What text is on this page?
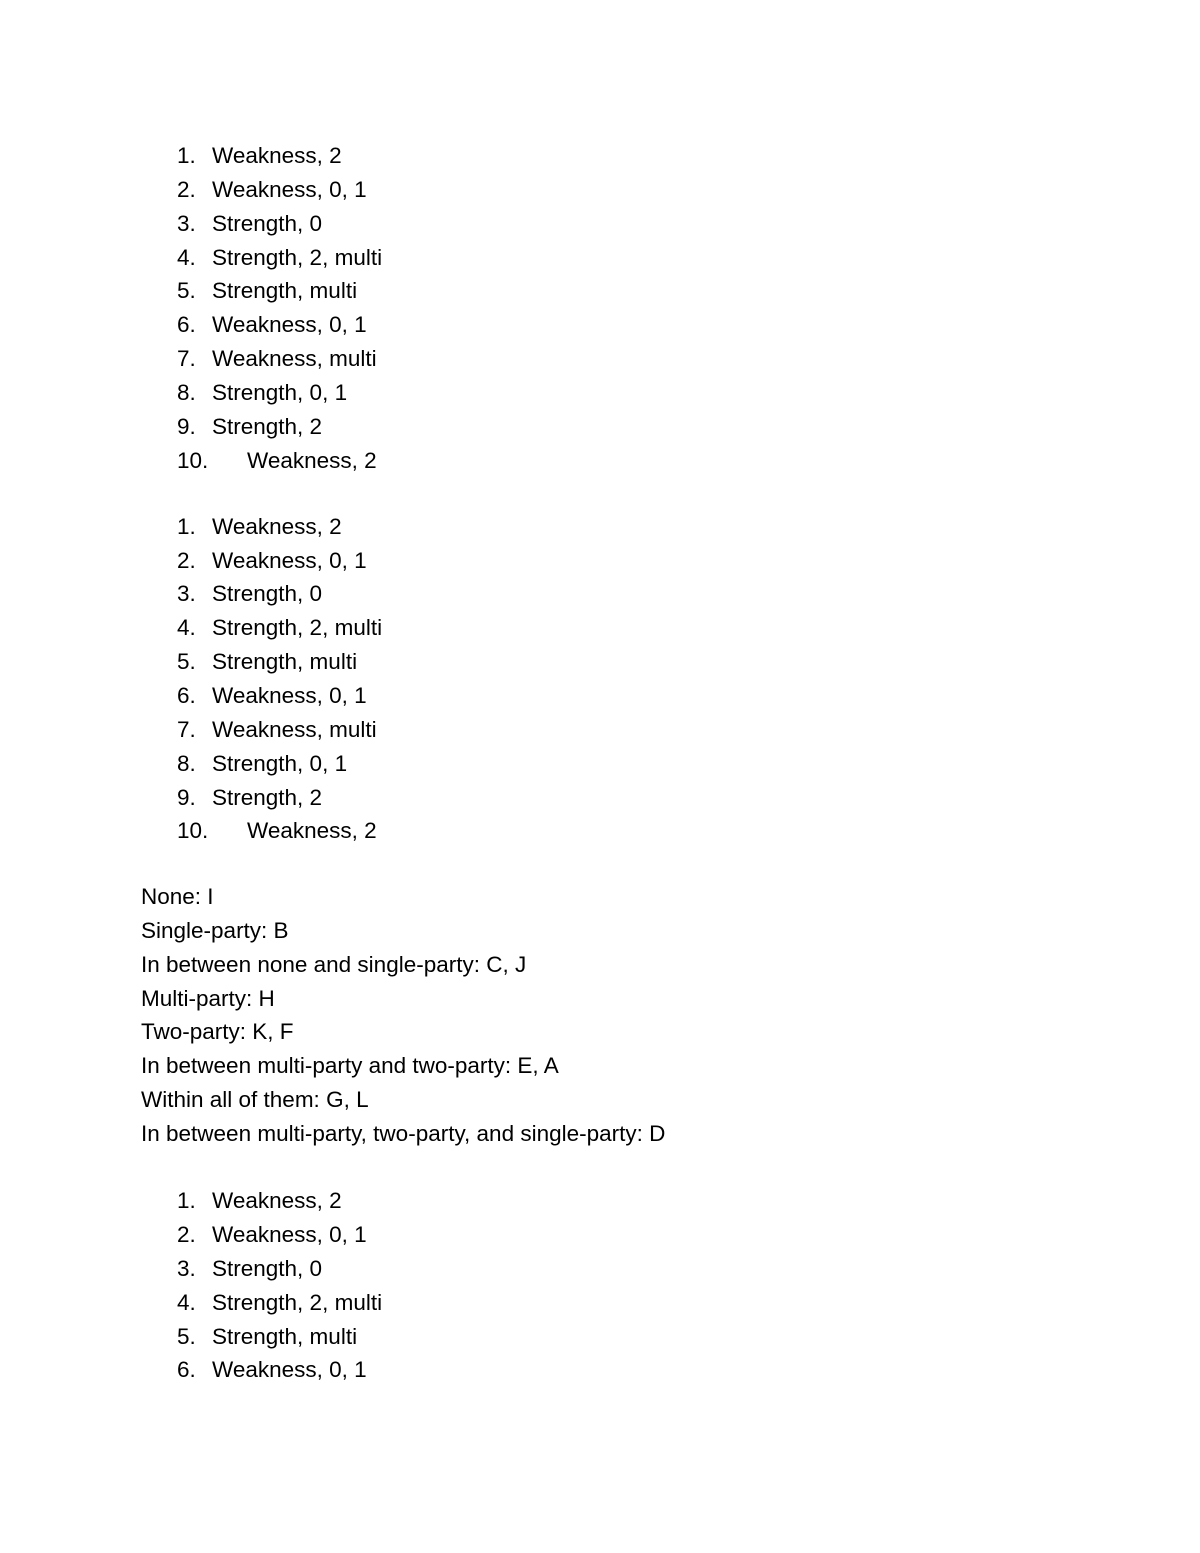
1. Weakness, 2
2. Weakness, 0, 1
3. Strength, 0
4. Strength, 2, multi
5. Strength, multi
6. Weakness, 0, 1
7. Weakness, multi
8. Strength, 0, 1
9. Strength, 2
10. Weakness, 2
1. Weakness, 2
2. Weakness, 0, 1
3. Strength, 0
4. Strength, 2, multi
5. Strength, multi
6. Weakness, 0, 1
7. Weakness, multi
8. Strength, 0, 1
9. Strength, 2
10. Weakness, 2
None: I
Single-party: B
In between none and single-party: C, J
Multi-party: H
Two-party: K, F
In between multi-party and two-party: E, A
Within all of them: G, L
In between multi-party, two-party, and single-party: D
1. Weakness, 2
2. Weakness, 0, 1
3. Strength, 0
4. Strength, 2, multi
5. Strength, multi
6. Weakness, 0, 1
